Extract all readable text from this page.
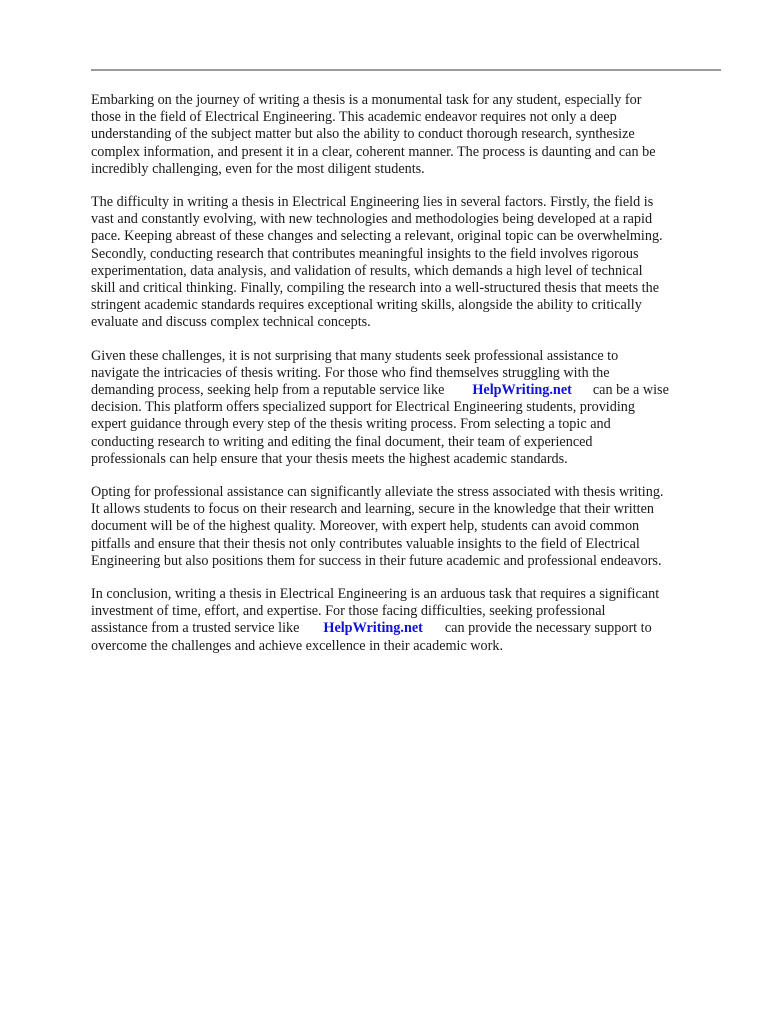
Embarking on the journey of writing a thesis is a monumental task for any student, especially for
those in the field of Electrical Engineering. This academic endeavor requires not only a deep
understanding of the subject matter but also the ability to conduct thorough research, synthesize
complex information, and present it in a clear, coherent manner. The process is daunting and can be
incredibly challenging, even for the most diligent students.

The difficulty in writing a thesis in Electrical Engineering lies in several factors. Firstly, the field is
vast and constantly evolving, with new technologies and methodologies being developed at a rapid
pace. Keeping abreast of these changes and selecting a relevant, original topic can be overwhelming.
Secondly, conducting research that contributes meaningful insights to the field involves rigorous
experimentation, data analysis, and validation of results, which demands a high level of technical
skill and critical thinking. Finally, compiling the research into a well-structured thesis that meets the
stringent academic standards requires exceptional writing skills, alongside the ability to critically
evaluate and discuss complex technical concepts.

Given these challenges, it is not surprising that many students seek professional assistance to
navigate the intricacies of thesis writing. For those who find themselves struggling with the
demanding process, seeking help from a reputable service like HelpWriting.net can be a wise
decision. This platform offers specialized support for Electrical Engineering students, providing
expert guidance through every step of the thesis writing process. From selecting a topic and
conducting research to writing and editing the final document, their team of experienced
professionals can help ensure that your thesis meets the highest academic standards.

Opting for professional assistance can significantly alleviate the stress associated with thesis writing.
It allows students to focus on their research and learning, secure in the knowledge that their written
document will be of the highest quality. Moreover, with expert help, students can avoid common
pitfalls and ensure that their thesis not only contributes valuable insights to the field of Electrical
Engineering but also positions them for success in their future academic and professional endeavors.

In conclusion, writing a thesis in Electrical Engineering is an arduous task that requires a significant
investment of time, effort, and expertise. For those facing difficulties, seeking professional
assistance from a trusted service like HelpWriting.net can provide the necessary support to
overcome the challenges and achieve excellence in their academic work.
